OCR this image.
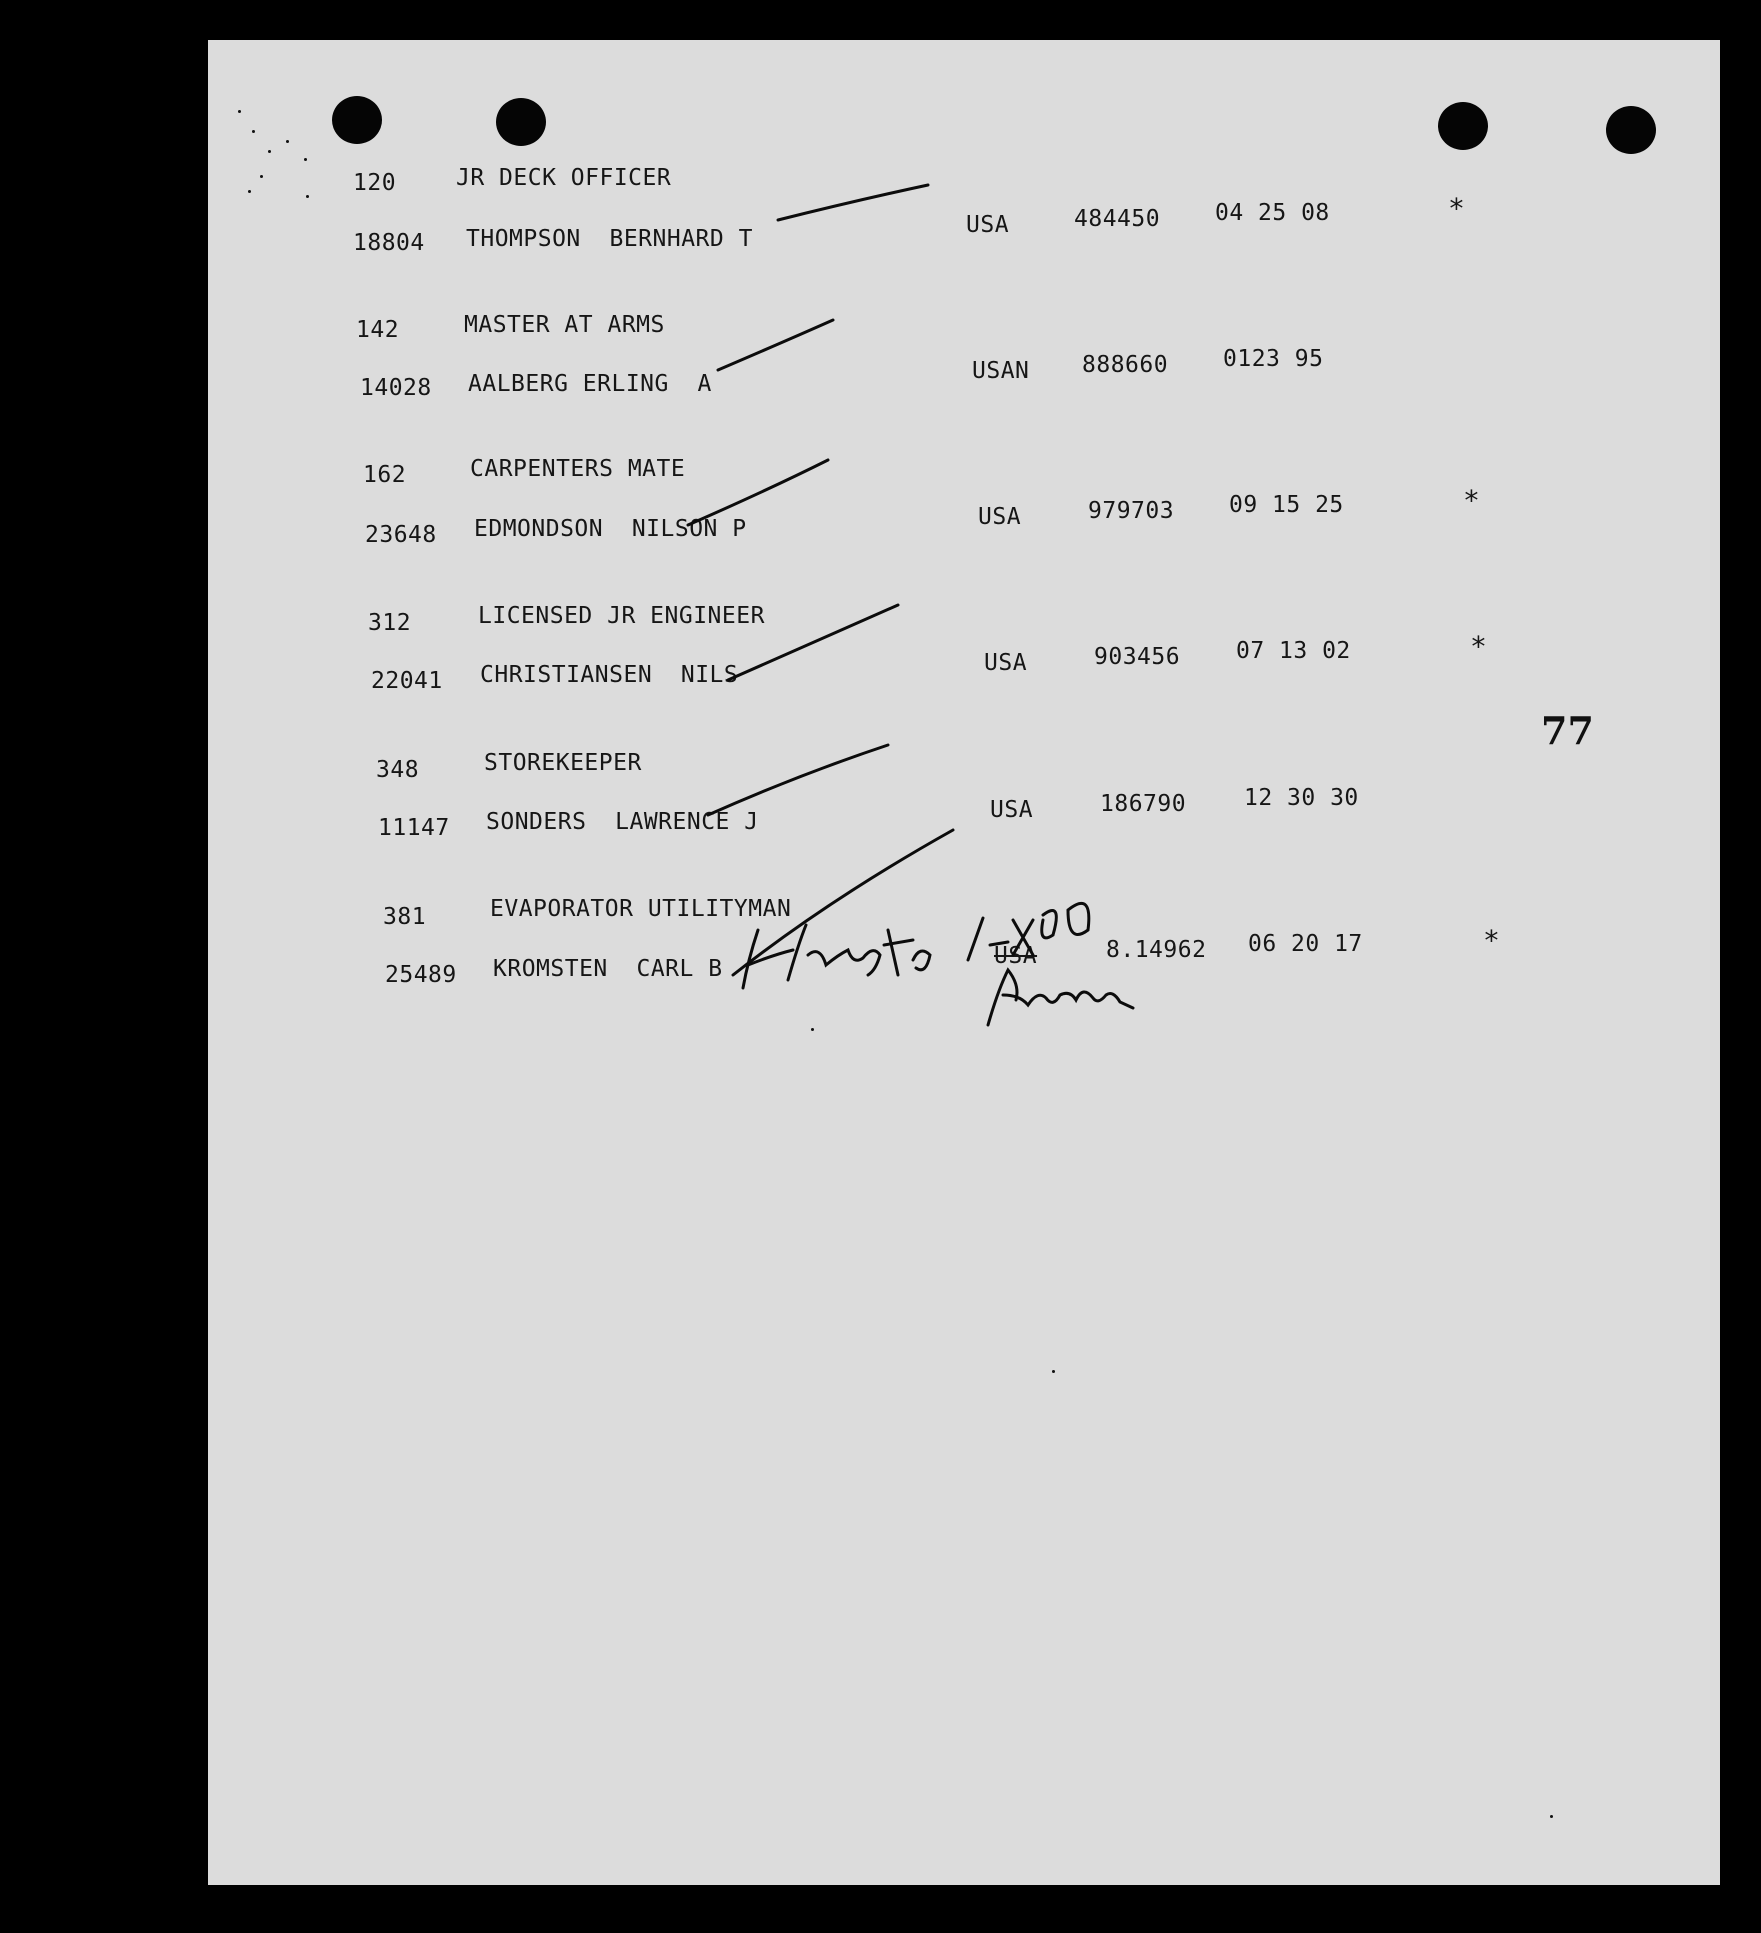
120	JR DECK OFFICER
18804 THOMPSON  BERNHARD T
USA	484450 04 25 08	*
142	MASTER AT ARMS
14028 AALBERG ERLING  A	USAN 888660 0123 95
162	CARPENTERS MATE
23648 EDMONDSON  NILSON P	USA	979703 09 15 25	*
312	LICENSED JR ENGINEER
22041 CHRISTIANSEN  NILS	USA	903456 07 13 02	*
348	STOREKEEPER
11147 SONDERS  LAWRENCE J	USA	186790	12 30 30
381	EVAPORATOR UTILITYMAN
25489 KROMSTEN  CARL B	USA	8.14962 06 20 17	*
77
